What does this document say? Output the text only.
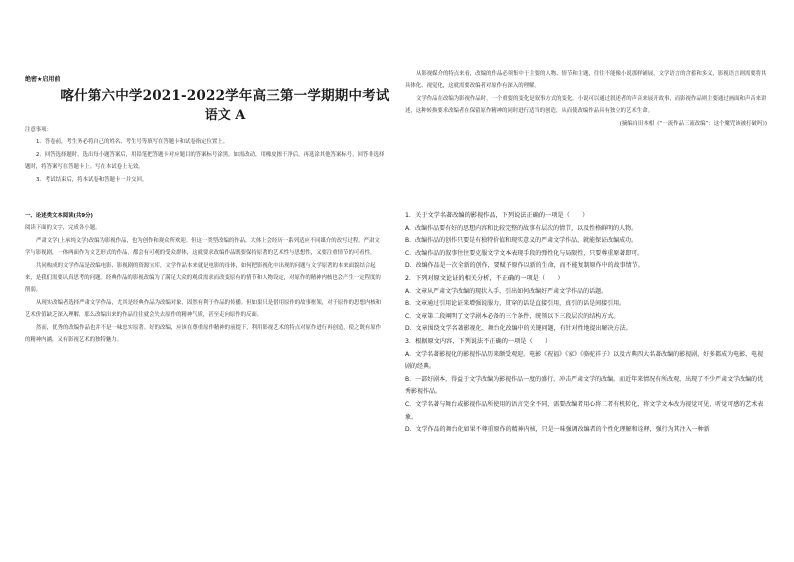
绝密★启用前
喀什第六中学2021-2022学年高三第一学期期中考试
语文 A

注意事项：

1．答卷前，考生务必将自己的姓名、考生号等填写在答题卡和试卷指定位置上。

2．回答选择题时，选出每小题答案后，用铅笔把答题卡对应题目的答案标号涂黑。如需改动，用橡皮擦干净后，再选涂其他答案标号。回答非选择题时，将答案写在答题卡上。写在本试卷上无效。

3．考试结束后，将本试卷和答题卡一并交回。

一、论述类文本阅读(共9分)

阅读下面的文字，完成各小题。

严肃文学(上承纯文学)改编为影视作品，也为创作和观众所欢迎。但这一类型改编的作品，大体上会经历一系列适应不同媒介的改写过程。严肃文学与影视剧，一体两面作为文艺形式的作品，都会有可观的受众群体，这就要求改编作品既要保持原著的艺术性与思想性，又要注重情节的可看性。

共同构成的文学作品是改编电影、影视剧的资源宝库，文学作品本来就是电影的母体，如何把影视化中出现的问题与文学原著的本来面貌结合起来，是我们需要认真思考的问题。经典作品的影视改编为了满足大众的观赏需求而改变原有的情节和人物设定，对原作的精神内核也会产生一定程度的削弱。

从现实改编者选择严肃文学作品，尤其是经典作品为改编对象，固然有利于作品的传播。但如果只是借用原作的故事框架，对于原作的思想内核和艺术价值缺乏深入理解，那么改编出来的作品往往就会失去原作的精神气质，甚至走向原作的反面。

然而，优秀的改编作品也并不是一味忠实原著。好的改编，应该在尊重原作精神的前提下，利用影视艺术的特点对原作进行再创造，使之既有原作的精神内涵，又有影视艺术的独特魅力。

从影视媒介的特点来看，改编的作品必须集中于主要的人物、情节和主题，往往不能像小说那样铺展。文学语言的含蓄和多义，影视语言则需要将其具体化、视觉化，这就需要改编者对原作有深入的理解。

文学作品在改编为影视作品时，一个重要的变化是叙事方式的变化。小说可以通过叙述者的声音来展开故事，而影视作品则主要通过画面和声音来讲述，这种转换要求改编者在保留原作精神的同时进行适当的创造，从而使改编作品具有独立的艺术生命。

(摘编自田本相《“一流作品三流改编”：这个魔咒该被打破吗》)

1．关于文学名著改编的影视作品，下列说法正确的一项是（　　）
A．改编作品要有好的思想内容和比较完整的故事有层次的情节，以及性格鲜明的人物。
B．改编作品的创作只要是有独特价值和现实意义的严肃文学作品，就能保证改编成功。
C．改编作品的叙事往往要克服文学文本表现手段的弹性化与局限性，只要尊重原著即可。
D．改编作品是一次全新的创作，要赋予原作以新的生命，而不能复制原作中的故事情节。
2．下列对原文论证的相关分析，不正确的一项是（　　）
A．文章从严肃文学改编的现状入手，引出如何改编好严肃文学作品的话题。
B．文章通过引用论证来增强说服力，贯穿的话是直接引用，真引的话是间接引用。
C．文章第二段阐明了文学剧本必备的三个条件，统领以下三段层次的结构方式。
D．文章围绕文学名著影视化、舞台化改编中的关键问题，有针对性地提出解决方法。
3．根据原文内容，下列说法不正确的一项是（　　）
A．文学名著影视化的影视作品历来颇受观迎。电影《祝福》《家》《骆驼祥子》以及古典四大名著改编的影视剧，好多都成为电影、电视剧的经典。
B．一部好剧本，得益于文学改编为影视作品一度的盛行，冲击严肃文学的改编。而近年来情况有所改观，出现了不少严肃文学改编的优秀影视作品。
C．文学名著与舞台或影视作品所使用的语言完全不同，需要改编者用心将二者有机转化，将文学文本改为视觉可见、听觉可感的艺术表象。
D．文学作品的舞台化如果不尊重原作的精神内核，只是一味强调改编者的个性化理解和诠释，强行为其注入一种新
